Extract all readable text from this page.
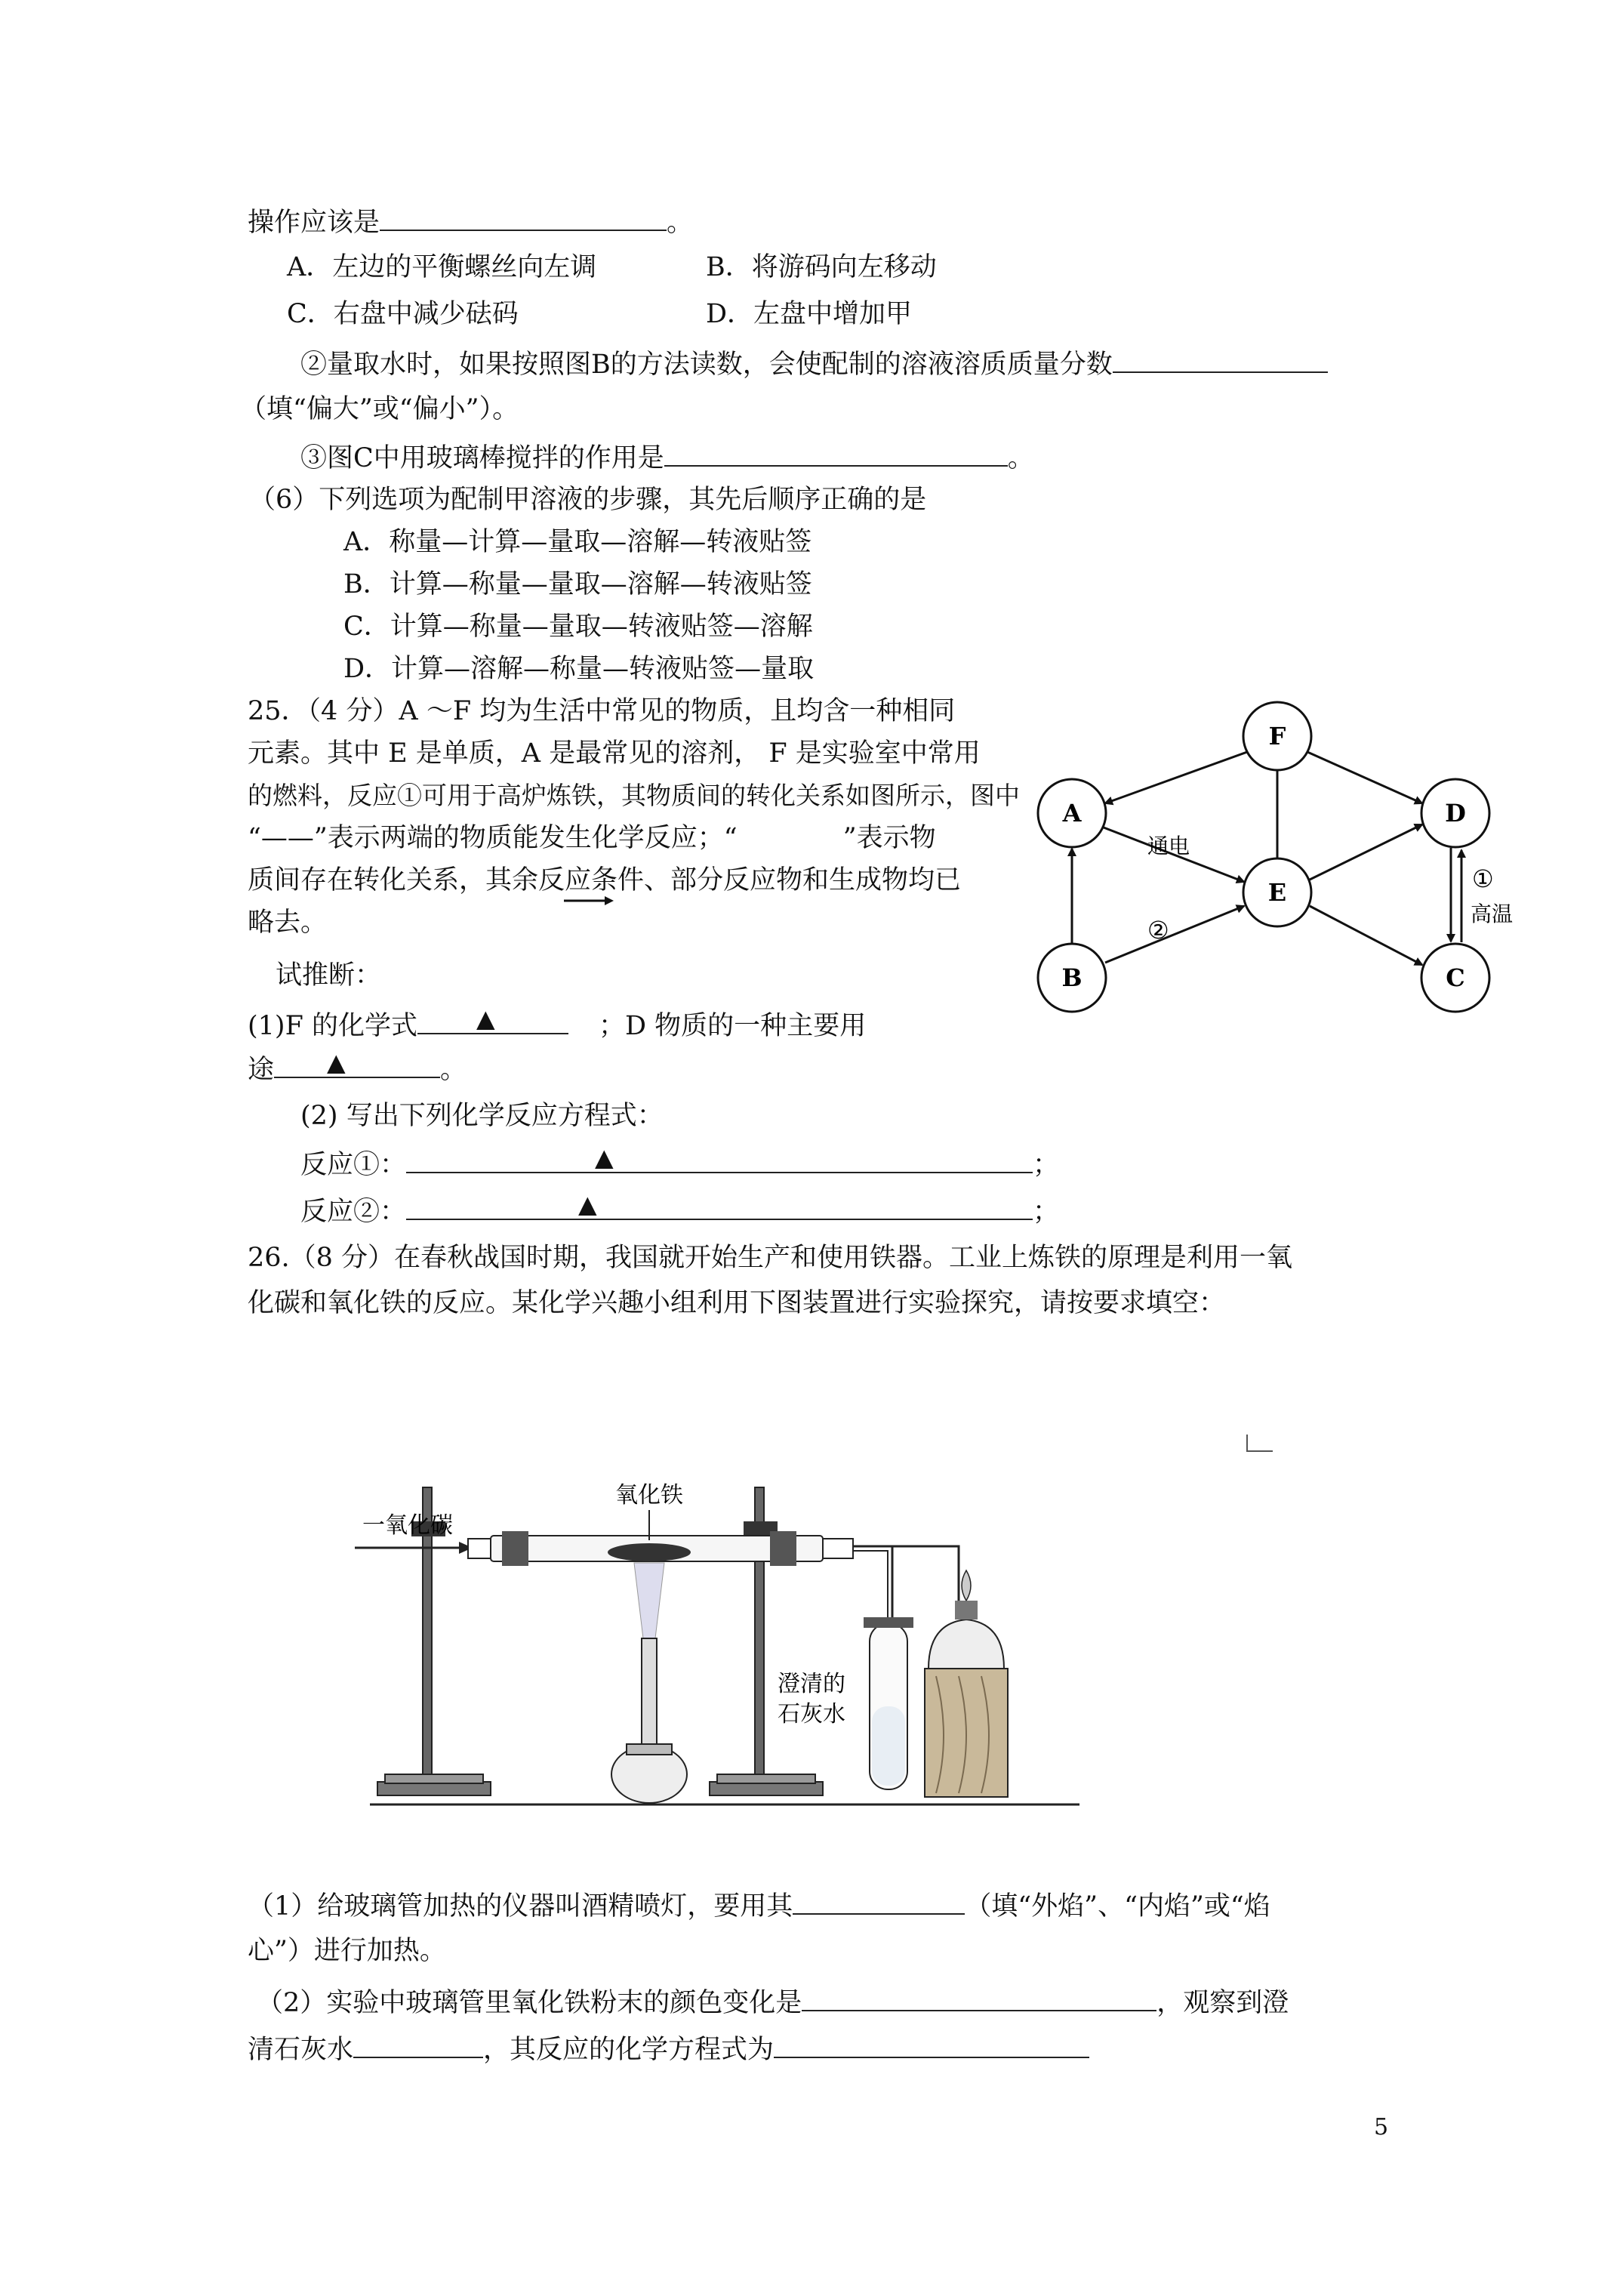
操作应该是	。
A．左边的平衡螺丝向左调	B．将游码向左移动
C．右盘中减少砝码	D．左盘中增加甲
②量取水时，如果按照图B的方法读数，会使配制的溶液溶质质量分数
（填“偏大”或“偏小”）。
③图C中用玻璃棒搅拌的作用是	。
（6）下列选项为配制甲溶液的步骤，其先后顺序正确的是
A．称量—计算—量取—溶解—转液贴签
B．计算—称量—量取—溶解—转液贴签
C．计算—称量—量取—转液贴签—溶解
D．计算—溶解—称量—转液贴签—量取
25．（4 分）A ～F 均为生活中常见的物质，且均含一种相同
元素。其中 E 是单质，A 是最常见的溶剂， F 是实验室中常用
的燃料，反应①可用于高炉炼铁，其物质间的转化关系如图所示，图中
“——”表示两端的物质能发生化学反应；“	”表示物
质间存在转化关系，其余反应条件、部分反应物和生成物均已
略去。
试推断：
(1)F 的化学式 ▲	；D 物质的一种主要用
途 ▲	。
(2) 写出下列化学反应方程式：
反应①：	▲	；
反应②：	▲	；
F
A	D
E
B	C
通电
②
①
高温
26.（8 分）在春秋战国时期，我国就开始生产和使用铁器。工业上炼铁的原理是利用一氧
化碳和氧化铁的反应。某化学兴趣小组利用下图装置进行实验探究，请按要求填空：
一氧化碳
氧化铁
澄清的
石灰水
（1）给玻璃管加热的仪器叫酒精喷灯，要用其	（填“外焰”、“内焰”或“焰
心”）进行加热。
（2）实验中玻璃管里氧化铁粉末的颜色变化是	，观察到澄
清石灰水	，其反应的化学方程式为
5
